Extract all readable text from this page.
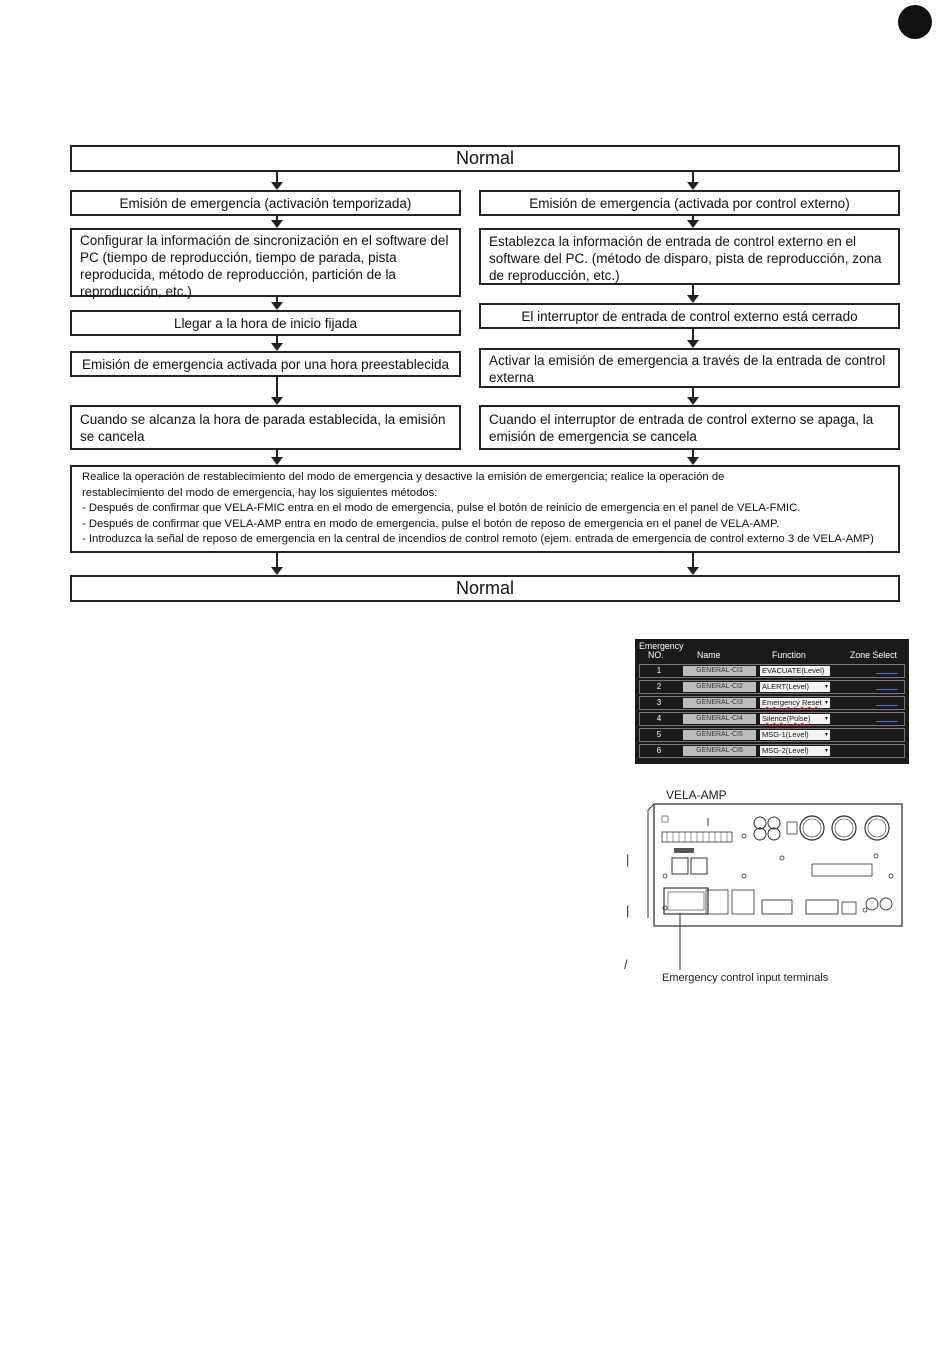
Normal
Emisión de emergencia (activación temporizada)
Configurar la información de sincronización en el software del PC (tiempo de reproducción, tiempo de parada, pista reproducida, método de reproducción, partición de la reproducción, etc.)
Llegar a la hora de inicio fijada
Emisión de emergencia activada por una hora preestablecida
Cuando se alcanza la hora de parada establecida, la emisión se cancela
Emisión de emergencia (activada por control externo)
Establezca la información de entrada de control externo en el software del PC. (método de disparo, pista de reproducción, zona de reproducción, etc.)
El interruptor de entrada de control externo está cerrado
Activar la emisión de emergencia a través de la entrada de control externa
Cuando el interruptor de entrada de control externo se apaga, la emisión de emergencia se cancela
Realice la operación de restablecimiento del modo de emergencia y desactive la emisión de emergencia; realice la operación de
restablecimiento del modo de emergencia, hay los siguientes métodos:
- Después de confirmar que VELA-FMIC entra en el modo de emergencia, pulse el botón de reinicio de emergencia en el panel de VELA-FMIC.
- Después de confirmar que VELA-AMP entra en modo de emergencia, pulse el botón de reposo de emergencia en el panel de VELA-AMP.
- Introduzca la señal de reposo de emergencia en la central de incendios de control remoto (ejem. entrada de emergencia de control externo 3 de VELA-AMP)
Normal
Emergency
NO.	Name	Function	Zone Select
1	GENERAL-CI1	EVACUATE(Level)
2	GENERAL-CI2	ALERT(Level)	▾
3	GENERAL-CI3	Emergency Reset ▾
4	GENERAL-CI4	Silence(Pulse) ▾
5	GENERAL-CI5	MSG-1(Level)	▾
6	GENERAL-CI6	MSG-2(Level)	▾
VELA-AMP
Emergency control input terminals
|
|
/
